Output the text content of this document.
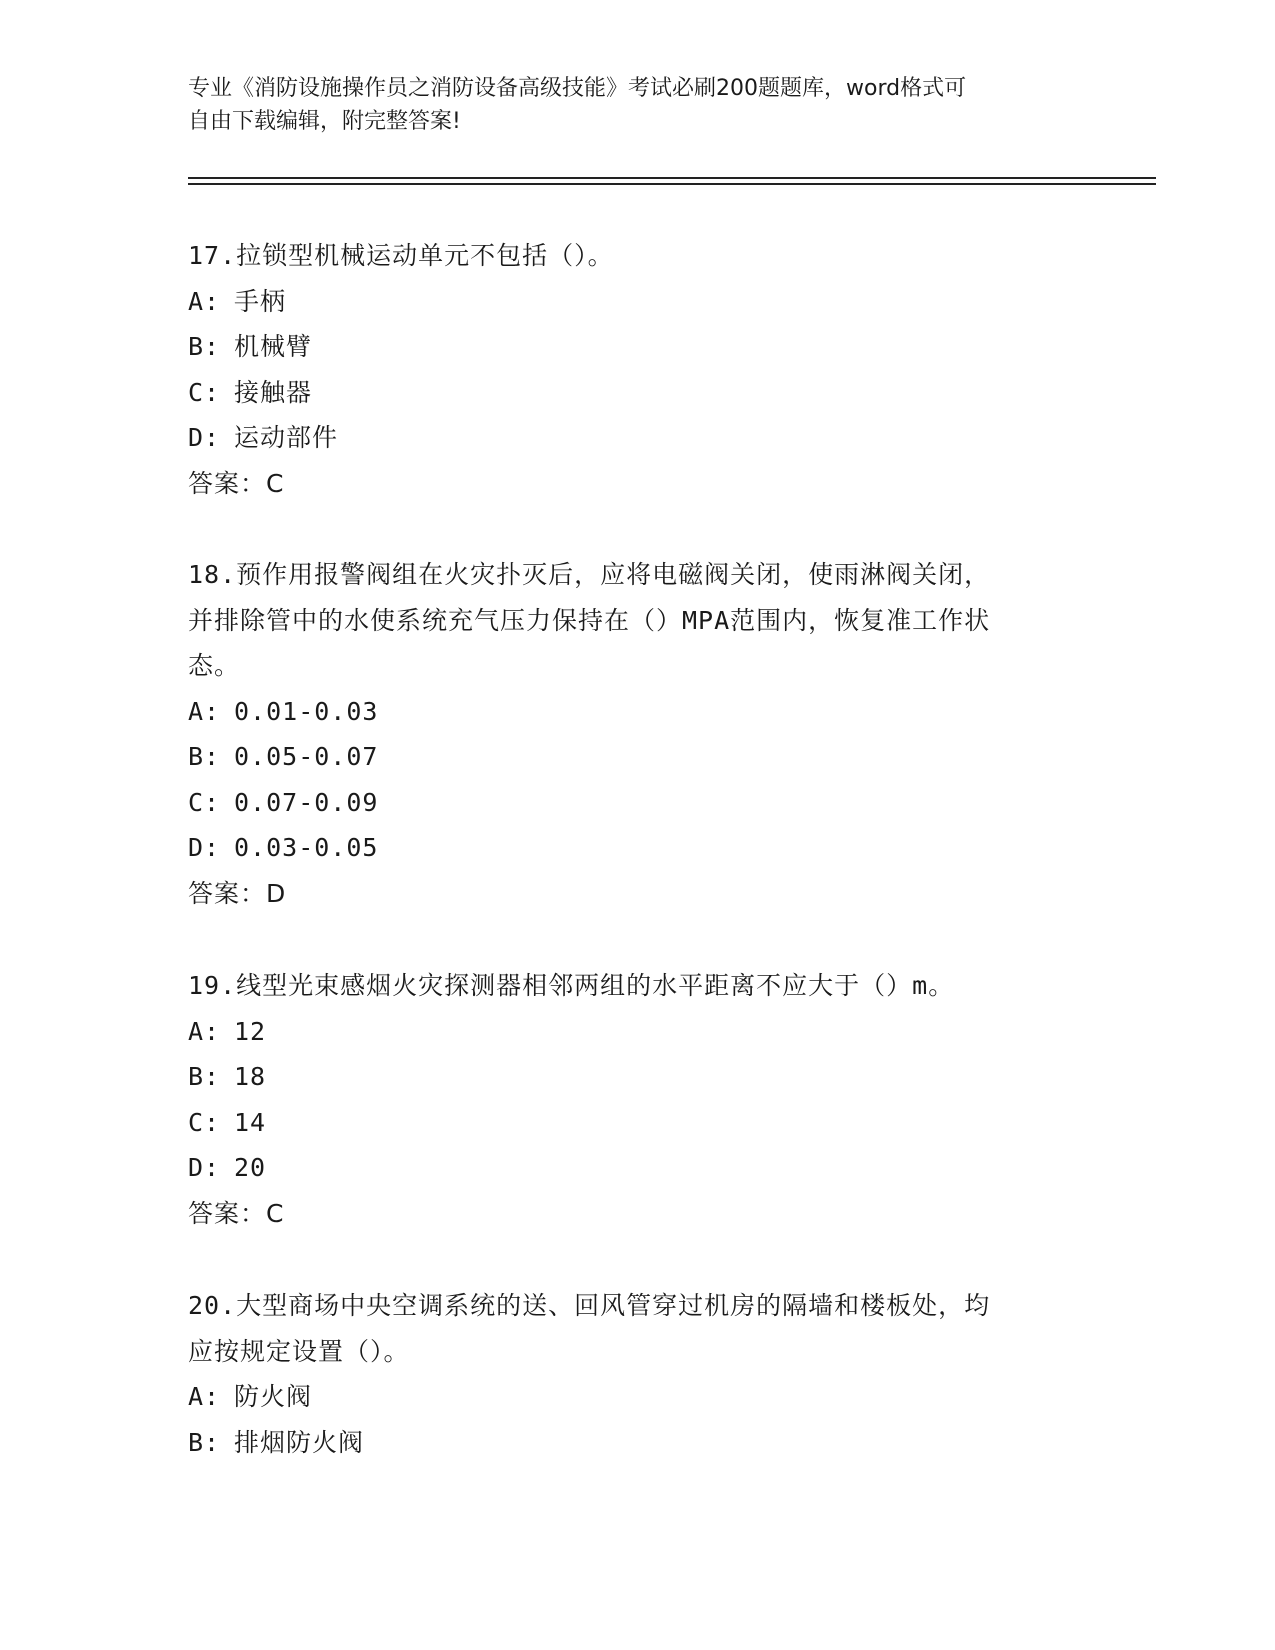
专业《消防设施操作员之消防设备高级技能》考试必刷200题题库，word格式可
自由下载编辑，附完整答案!
17.拉锁型机械运动单元不包括（）。
A: 手柄
B: 机械臂
C: 接触器
D: 运动部件
答案：C
18.预作用报警阀组在火灾扑灭后，应将电磁阀关闭，使雨淋阀关闭，
并排除管中的水使系统充气压力保持在（）MPA范围内，恢复准工作状
态。
A: 0.01-0.03
B: 0.05-0.07
C: 0.07-0.09
D: 0.03-0.05
答案：D
19.线型光束感烟火灾探测器相邻两组的水平距离不应大于（）m。
A: 12
B: 18
C: 14
D: 20
答案：C
20.大型商场中央空调系统的送、回风管穿过机房的隔墙和楼板处，均
应按规定设置（）。
A: 防火阀
B: 排烟防火阀
